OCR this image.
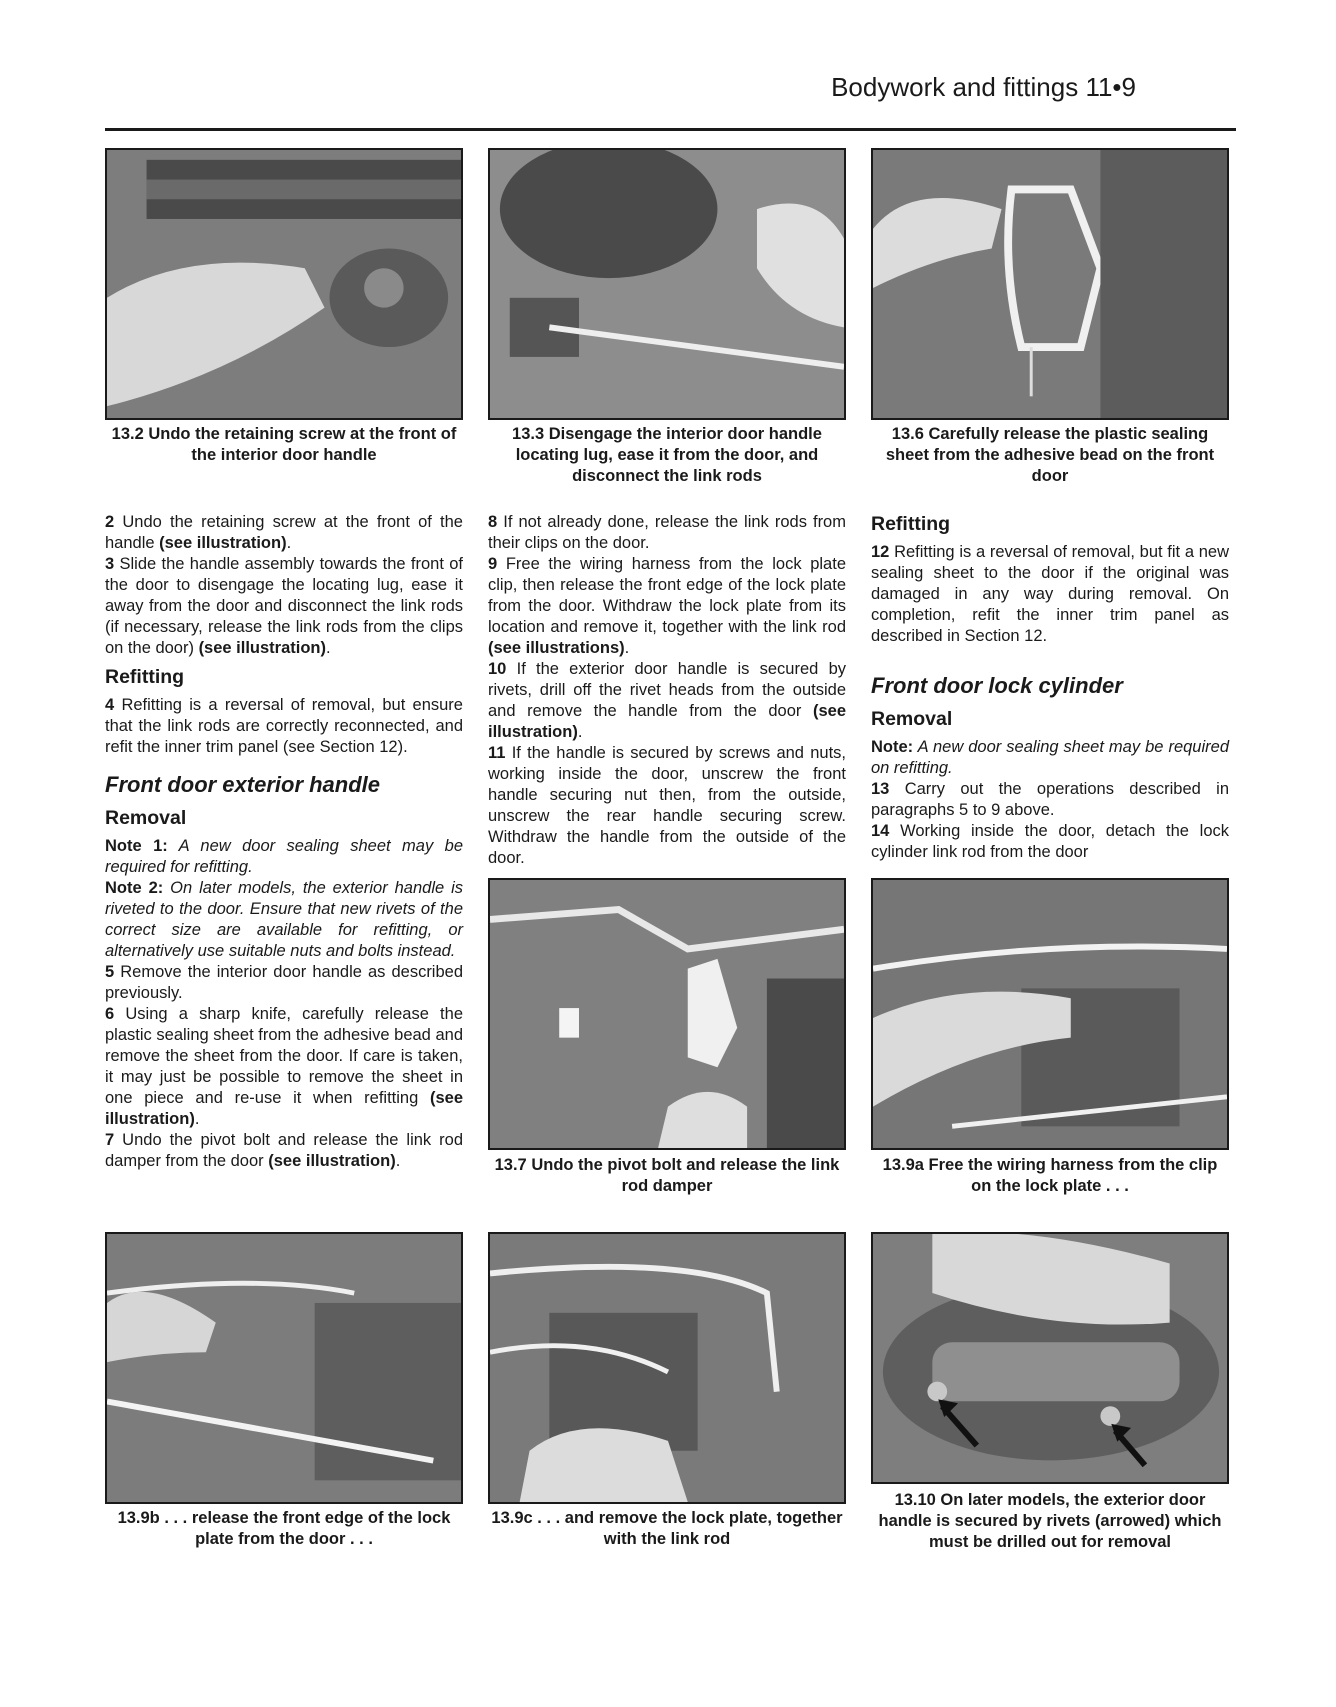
Bodywork and fittings 11•9
13.2 Undo the retaining screw at the front of the interior door handle
13.3 Disengage the interior door handle locating lug, ease it from the door, and disconnect the link rods
13.6 Carefully release the plastic sealing sheet from the adhesive bead on the front door

2 Undo the retaining screw at the front of the handle (see illustration).

3 Slide the handle assembly towards the front of the door to disengage the locating lug, ease it away from the door and disconnect the link rods (if necessary, release the link rods from the clips on the door) (see illustration).

Refitting

4 Refitting is a reversal of removal, but ensure that the link rods are correctly reconnected, and refit the inner trim panel (see Section 12).

Front door exterior handle
Removal

Note 1: A new door sealing sheet may be required for refitting.

Note 2: On later models, the exterior handle is riveted to the door. Ensure that new rivets of the correct size are available for refitting, or alternatively use suitable nuts and bolts instead.

5 Remove the interior door handle as described previously.

6 Using a sharp knife, carefully release the plastic sealing sheet from the adhesive bead and remove the sheet from the door. If care is taken, it may just be possible to remove the sheet in one piece and re-use it when refitting (see illustration).

7 Undo the pivot bolt and release the link rod damper from the door (see illustration).

8 If not already done, release the link rods from their clips on the door.

9 Free the wiring harness from the lock plate clip, then release the front edge of the lock plate from the door. Withdraw the lock plate from its location and remove it, together with the link rod (see illustrations).

10 If the exterior door handle is secured by rivets, drill off the rivet heads from the outside and remove the handle from the door (see illustration).

11 If the handle is secured by screws and nuts, working inside the door, unscrew the front handle securing nut then, from the outside, unscrew the rear handle securing screw. Withdraw the handle from the outside of the door.

Refitting

12 Refitting is a reversal of removal, but fit a new sealing sheet to the door if the original was damaged in any way during removal. On completion, refit the inner trim panel as described in Section 12.

Front door lock cylinder
Removal

Note: A new door sealing sheet may be required on refitting.

13 Carry out the operations described in paragraphs 5 to 9 above.

14 Working inside the door, detach the lock cylinder link rod from the door

13.7 Undo the pivot bolt and release the link rod damper
13.9a Free the wiring harness from the clip on the lock plate . . .
13.9b . . . release the front edge of the lock plate from the door . . .
13.9c . . . and remove the lock plate, together with the link rod
13.10 On later models, the exterior door handle is secured by rivets (arrowed) which must be drilled out for removal
